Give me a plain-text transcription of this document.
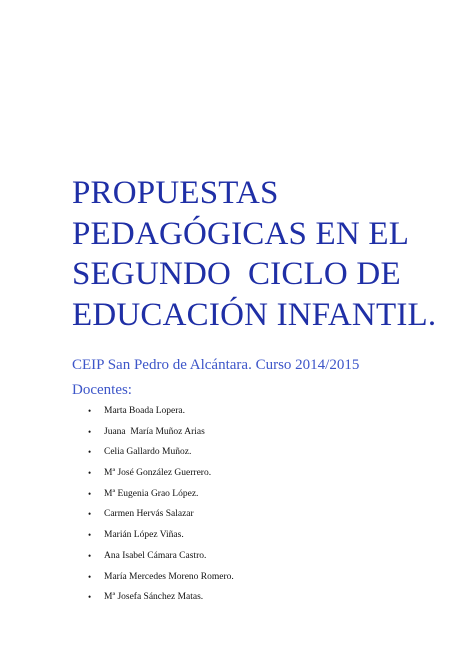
PROPUESTAS
PEDAGÓGICAS EN EL
SEGUNDO  CICLO DE
EDUCACIÓN INFANTIL.

CEIP San Pedro de Alcántara. Curso 2014/2015

Docentes:

•

Marta Boada Lopera.

•

Juana  María Muñoz Arias

•

Celia Gallardo Muñoz.

•

Mª José González Guerrero.

•

Mª Eugenia Grao López.

•

Carmen Hervás Salazar

•

Marián López Viñas.

•

Ana Isabel Cámara Castro.

•

María Mercedes Moreno Romero.

•

Mª Josefa Sánchez Matas.
